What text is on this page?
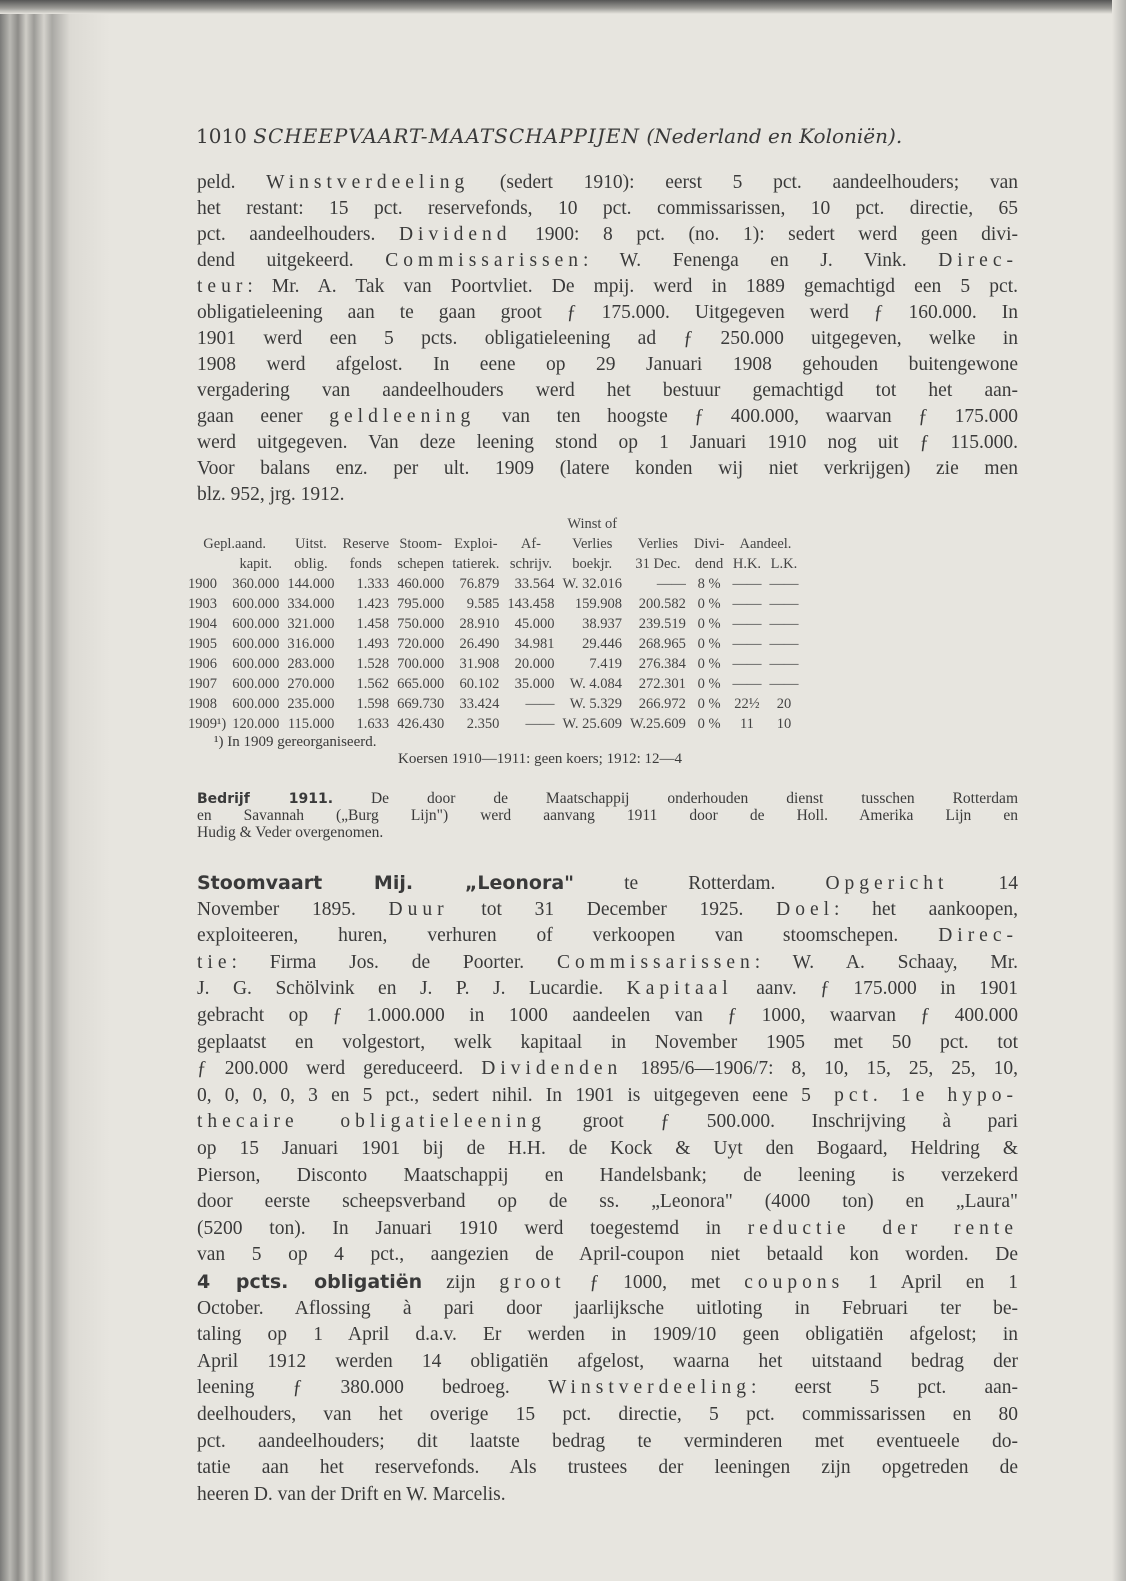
1010 SCHEEPVAART-MAATSCHAPPIJEN (Nederland en Koloniën).
peld. Winstverdeeling (sedert 1910): eerst 5 pct. aandeelhouders; van
het restant: 15 pct. reservefonds, 10 pct. commissarissen, 10 pct. directie, 65
pct. aandeelhouders. Dividend 1900: 8 pct. (no. 1): sedert werd geen divi-
dend uitgekeerd. Commissarissen: W. Fenenga en J. Vink. Direc-
teur: Mr. A. Tak van Poortvliet. De mpij. werd in 1889 gemachtigd een 5 pct.
obligatieleening aan te gaan groot ƒ 175.000. Uitgegeven werd ƒ 160.000. In
1901 werd een 5 pcts. obligatieleening ad ƒ 250.000 uitgegeven, welke in
1908 werd afgelost. In eene op 29 Januari 1908 gehouden buitengewone
vergadering van aandeelhouders werd het bestuur gemachtigd tot het aan-
gaan eener geldleening van ten hoogste ƒ 400.000, waarvan ƒ 175.000
werd uitgegeven. Van deze leening stond op 1 Januari 1910 nog uit ƒ 115.000.
Voor balans enz. per ult. 1909 (latere konden wij niet verkrijgen) zie men
blz. 952, jrg. 1912.
							Winst of				
Gepl.aand.		Uitst.	Reserve	Stoom-	Exploi-	Af-	Verlies	Verlies	Divi-	Aandeel.	
	kapit.	oblig.	fonds	schepen	tatierek.	schrijv.	boekjr.	31 Dec.	dend	H.K.	L.K.
1900	360.000	144.000	1.333	460.000	76.879	33.564	W. 32.016	——	8 %	——	——
1903	600.000	334.000	1.423	795.000	9.585	143.458	159.908	200.582	0 %	——	——
1904	600.000	321.000	1.458	750.000	28.910	45.000	38.937	239.519	0 %	——	——
1905	600.000	316.000	1.493	720.000	26.490	34.981	29.446	268.965	0 %	——	——
1906	600.000	283.000	1.528	700.000	31.908	20.000	7.419	276.384	0 %	——	——
1907	600.000	270.000	1.562	665.000	60.102	35.000	W. 4.084	272.301	0 %	——	——
1908	600.000	235.000	1.598	669.730	33.424	——	W. 5.329	266.972	0 %	22½	20
1909¹)	120.000	115.000	1.633	426.430	2.350	——	W. 25.609	W.25.609	0 %	11	10
¹) In 1909 gereorganiseerd.
Koersen 1910—1911: geen koers; 1912: 12—4
Bedrijf 1911. De door de Maatschappij onderhouden dienst tusschen Rotterdam
en Savannah („Burg Lijn") werd aanvang 1911 door de Holl. Amerika Lijn en
Hudig & Veder overgenomen.
Stoomvaart Mij. „Leonora" te Rotterdam. Opgericht 14
November 1895. Duur tot 31 December 1925. Doel: het aankoopen,
exploiteeren, huren, verhuren of verkoopen van stoomschepen. Direc-
tie: Firma Jos. de Poorter. Commissarissen: W. A. Schaay, Mr.
J. G. Schölvink en J. P. J. Lucardie. Kapitaal aanv. ƒ 175.000 in 1901
gebracht op ƒ 1.000.000 in 1000 aandeelen van ƒ 1000, waarvan ƒ 400.000
geplaatst en volgestort, welk kapitaal in November 1905 met 50 pct. tot
ƒ 200.000 werd gereduceerd. Dividenden 1895/6—1906/7: 8, 10, 15, 25, 25, 10,
0, 0, 0, 0, 3 en 5 pct., sedert nihil. In 1901 is uitgegeven eene 5 pct. 1e hypo-
thecaire obligatieleening groot ƒ 500.000. Inschrijving à pari
op 15 Januari 1901 bij de H.H. de Kock & Uyt den Bogaard, Heldring &
Pierson, Disconto Maatschappij en Handelsbank; de leening is verzekerd
door eerste scheepsverband op de ss. „Leonora" (4000 ton) en „Laura"
(5200 ton). In Januari 1910 werd toegestemd in reductie der rente
van 5 op 4 pct., aangezien de April-coupon niet betaald kon worden. De
4 pcts. obligatiën zijn groot ƒ 1000, met coupons 1 April en 1
October. Aflossing à pari door jaarlijksche uitloting in Februari ter be-
taling op 1 April d.a.v. Er werden in 1909/10 geen obligatiën afgelost; in
April 1912 werden 14 obligatiën afgelost, waarna het uitstaand bedrag der
leening ƒ 380.000 bedroeg. Winstverdeeling: eerst 5 pct. aan-
deelhouders, van het overige 15 pct. directie, 5 pct. commissarissen en 80
pct. aandeelhouders; dit laatste bedrag te verminderen met eventueele do-
tatie aan het reservefonds. Als trustees der leeningen zijn opgetreden de
heeren D. van der Drift en W. Marcelis.
